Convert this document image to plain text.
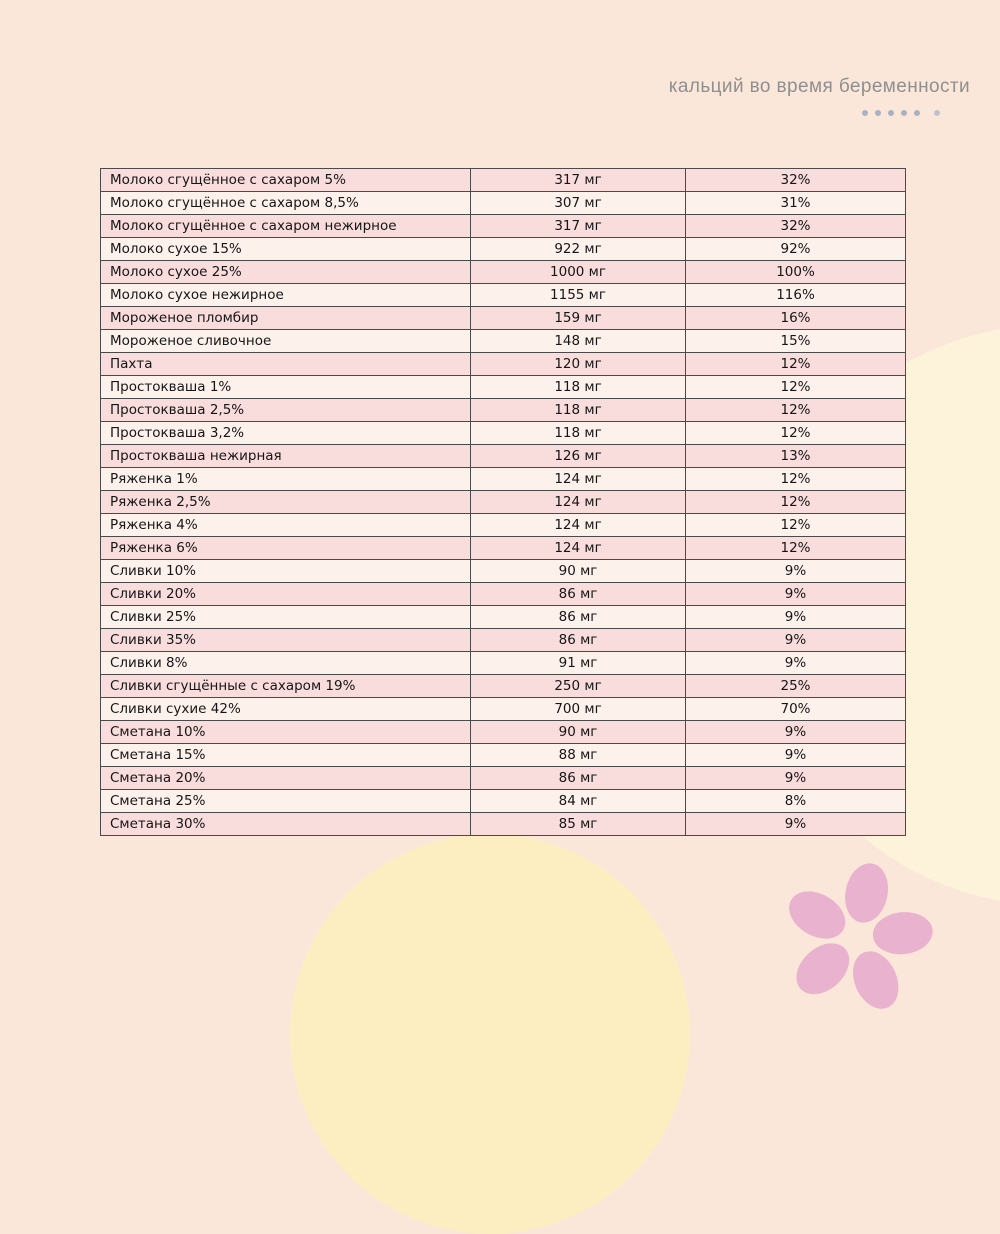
кальций во время беременности
Молоко сгущённое с сахаром 5%	317 мг	32%
Молоко сгущённое с сахаром 8,5%	307 мг	31%
Молоко сгущённое с сахаром нежирное	317 мг	32%
Молоко сухое 15%	922 мг	92%
Молоко сухое 25%	1000 мг	100%
Молоко сухое нежирное	1155 мг	116%
Мороженое пломбир	159 мг	16%
Мороженое сливочное	148 мг	15%
Пахта	120 мг	12%
Простокваша 1%	118 мг	12%
Простокваша 2,5%	118 мг	12%
Простокваша 3,2%	118 мг	12%
Простокваша нежирная	126 мг	13%
Ряженка 1%	124 мг	12%
Ряженка 2,5%	124 мг	12%
Ряженка 4%	124 мг	12%
Ряженка 6%	124 мг	12%
Сливки 10%	90 мг	9%
Сливки 20%	86 мг	9%
Сливки 25%	86 мг	9%
Сливки 35%	86 мг	9%
Сливки 8%	91 мг	9%
Сливки сгущённые с сахаром 19%	250 мг	25%
Сливки сухие 42%	700 мг	70%
Сметана 10%	90 мг	9%
Сметана 15%	88 мг	9%
Сметана 20%	86 мг	9%
Сметана 25%	84 мг	8%
Сметана 30%	85 мг	9%
